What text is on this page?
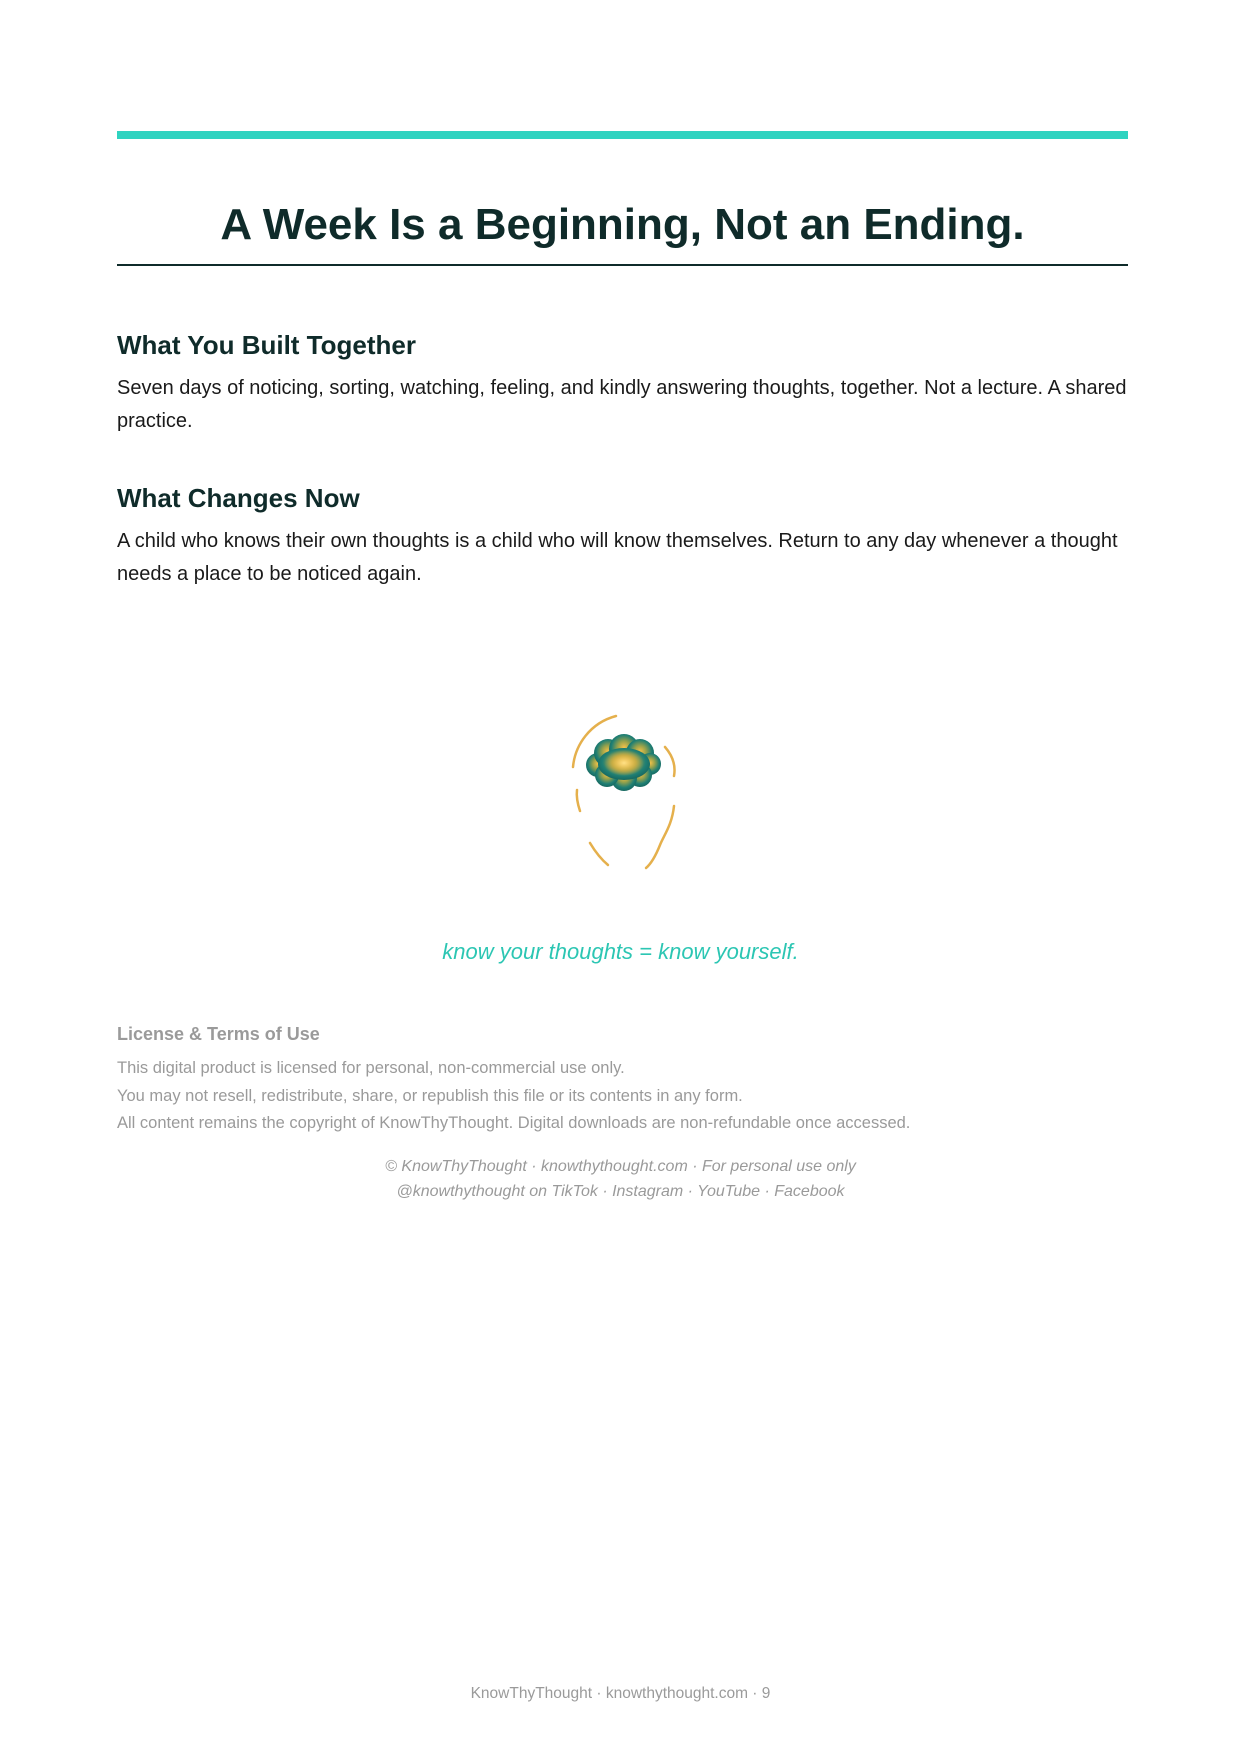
A Week Is a Beginning, Not an Ending.
What You Built Together

Seven days of noticing, sorting, watching, feeling, and kindly answering thoughts, together. Not a lecture. A shared practice.

What Changes Now

A child who knows their own thoughts is a child who will know themselves. Return to any day whenever a thought needs a place to be noticed again.

know your thoughts = know yourself.
License & Terms of Use
This digital product is licensed for personal, non-commercial use only.
You may not resell, redistribute, share, or republish this file or its contents in any form.
All content remains the copyright of KnowThyThought. Digital downloads are non-refundable once accessed.
© KnowThyThought · knowthythought.com · For personal use only
@knowthythought on TikTok · Instagram · YouTube · Facebook
KnowThyThought · knowthythought.com · 9
